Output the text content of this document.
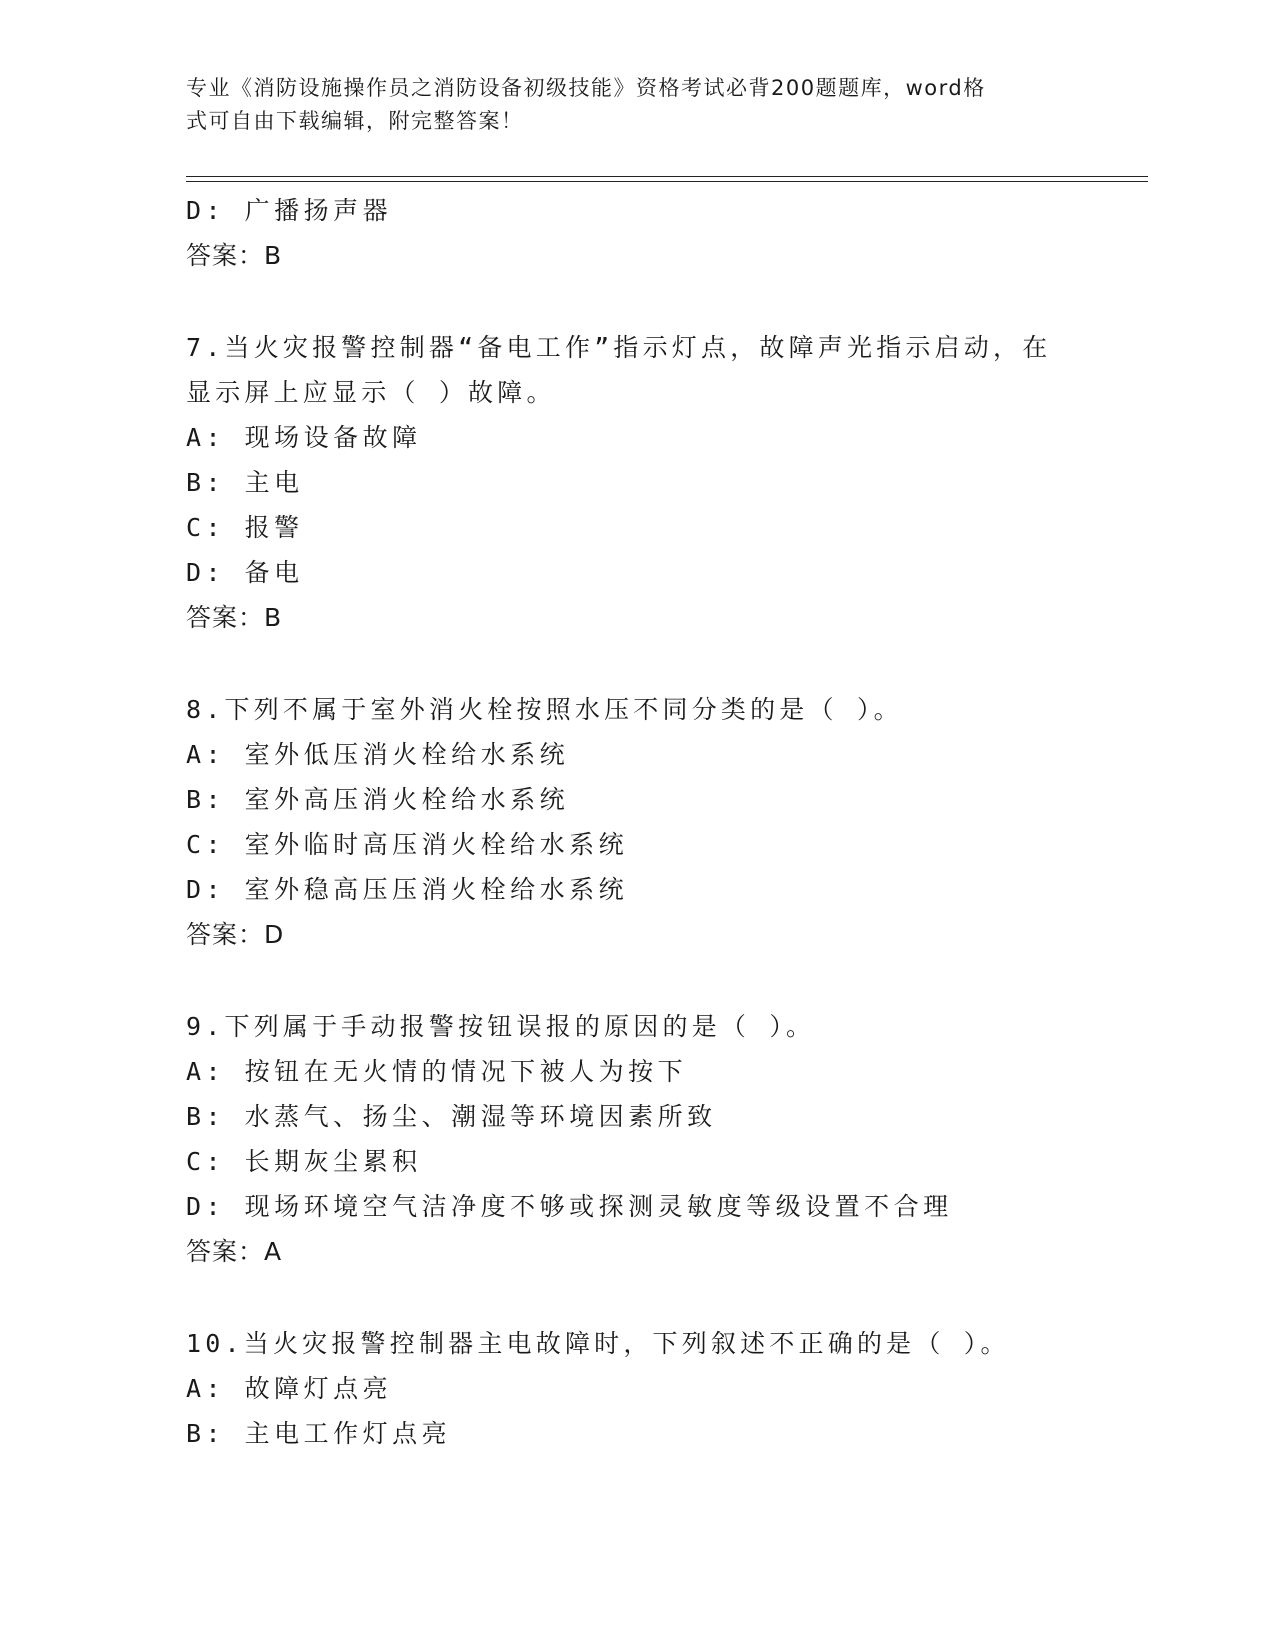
专业《消防设施操作员之消防设备初级技能》资格考试必背200题题库，word格
式可自由下载编辑，附完整答案！
D: 广播扬声器
答案：B
7.当火灾报警控制器“备电工作”指示灯点，故障声光指示启动，在
显示屏上应显示（ ）故障。
A: 现场设备故障
B: 主电
C: 报警
D: 备电
答案：B
8.下列不属于室外消火栓按照水压不同分类的是（ ）。
A: 室外低压消火栓给水系统
B: 室外高压消火栓给水系统
C: 室外临时高压消火栓给水系统
D: 室外稳高压压消火栓给水系统
答案：D
9.下列属于手动报警按钮误报的原因的是（ ）。
A: 按钮在无火情的情况下被人为按下
B: 水蒸气、扬尘、潮湿等环境因素所致
C: 长期灰尘累积
D: 现场环境空气洁净度不够或探测灵敏度等级设置不合理
答案：A
10.当火灾报警控制器主电故障时，下列叙述不正确的是（ ）。
A: 故障灯点亮
B: 主电工作灯点亮
